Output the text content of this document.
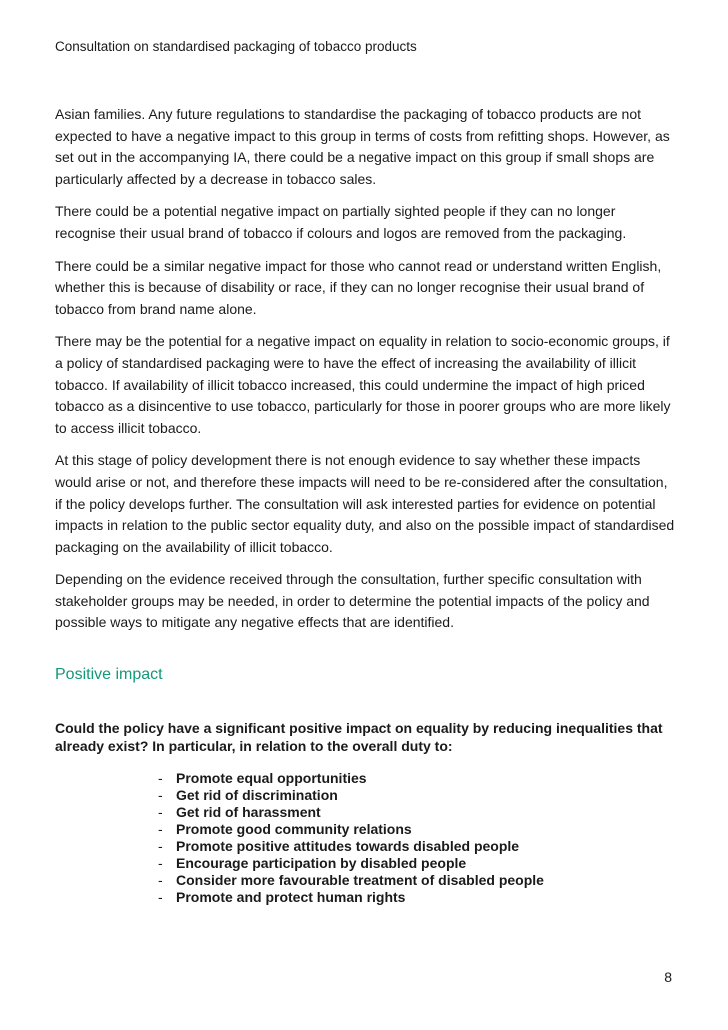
Consultation on standardised packaging of tobacco products

Asian families. Any future regulations to standardise the packaging of tobacco products are not expected to have a negative impact to this group in terms of costs from refitting shops. However, as set out in the accompanying IA, there could be a negative impact on this group if small shops are particularly affected by a decrease in tobacco sales.

There could be a potential negative impact on partially sighted people if they can no longer recognise their usual brand of tobacco if colours and logos are removed from the packaging.

There could be a similar negative impact for those who cannot read or understand written English, whether this is because of disability or race, if they can no longer recognise their usual brand of tobacco from brand name alone.

There may be the potential for a negative impact on equality in relation to socio-economic groups, if a policy of standardised packaging were to have the effect of increasing the availability of illicit tobacco. If availability of illicit tobacco increased, this could undermine the impact of high priced tobacco as a disincentive to use tobacco, particularly for those in poorer groups who are more likely to access illicit tobacco.

At this stage of policy development there is not enough evidence to say whether these impacts would arise or not, and therefore these impacts will need to be re-considered after the consultation, if the policy develops further. The consultation will ask interested parties for evidence on potential impacts in relation to the public sector equality duty, and also on the possible impact of standardised packaging on the availability of illicit tobacco.

Depending on the evidence received through the consultation, further specific consultation with stakeholder groups may be needed, in order to determine the potential impacts of the policy and possible ways to mitigate any negative effects that are identified.

Positive impact

Could the policy have a significant positive impact on equality by reducing inequalities that already exist? In particular, in relation to the overall duty to:

- Promote equal opportunities
- Get rid of discrimination
- Get rid of harassment
- Promote good community relations
- Promote positive attitudes towards disabled people
- Encourage participation by disabled people
- Consider more favourable treatment of disabled people
- Promote and protect human rights
8
